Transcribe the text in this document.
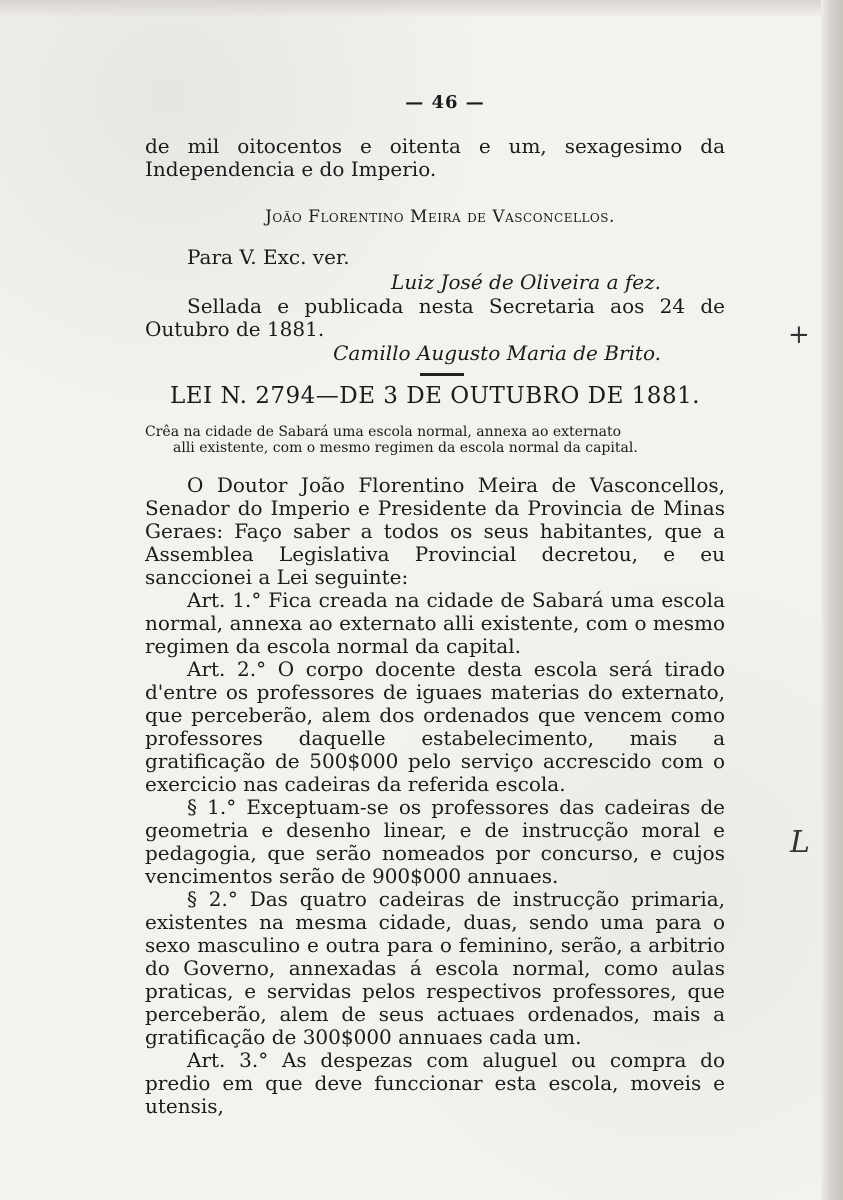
— 46 —

de mil oitocentos e oitenta e um, sexagesimo da Independencia e do Imperio.

João Florentino Meira de Vasconcellos.

Para V. Exc. ver.

Luiz José de Oliveira a fez.

Sellada e publicada nesta Secretaria aos 24 de Outubro de 1881.

Camillo Augusto Maria de Brito.

LEI N. 2794—DE 3 DE OUTUBRO DE 1881.
Crêa na cidade de Sabará uma escola normal, annexa ao externato
alli existente, com o mesmo regimen da escola normal da capital.

O Doutor João Florentino Meira de Vasconcellos, Senador do Imperio e Presidente da Provincia de Minas Geraes: Faço saber a todos os seus habitantes, que a Assemblea Legislativa Provincial decretou, e eu sanccionei a Lei seguinte:

Art. 1.° Fica creada na cidade de Sabará uma escola normal, annexa ao externato alli existente, com o mesmo regimen da escola normal da capital.

Art. 2.° O corpo docente desta escola será tirado d'entre os professores de iguaes materias do externato, que perceberão, alem dos ordenados que vencem como professores daquelle estabelecimento, mais a gratificação de 500$000 pelo serviço accrescido com o exercicio nas cadeiras da referida escola.

§ 1.° Exceptuam-se os professores das cadeiras de geometria e desenho linear, e de instrucção moral e pedagogia, que serão nomeados por concurso, e cujos vencimentos serão de 900$000 annuaes.

§ 2.° Das quatro cadeiras de instrucção primaria, existentes na mesma cidade, duas, sendo uma para o sexo masculino e outra para o feminino, serão, a arbitrio do Governo, annexadas á escola normal, como aulas praticas, e servidas pelos respectivos professores, que perceberão, alem de seus actuaes ordenados, mais a gratificação de 300$000 annuaes cada um.

Art. 3.° As despezas com aluguel ou compra do predio em que deve funccionar esta escola, moveis e utensis,

+
L
